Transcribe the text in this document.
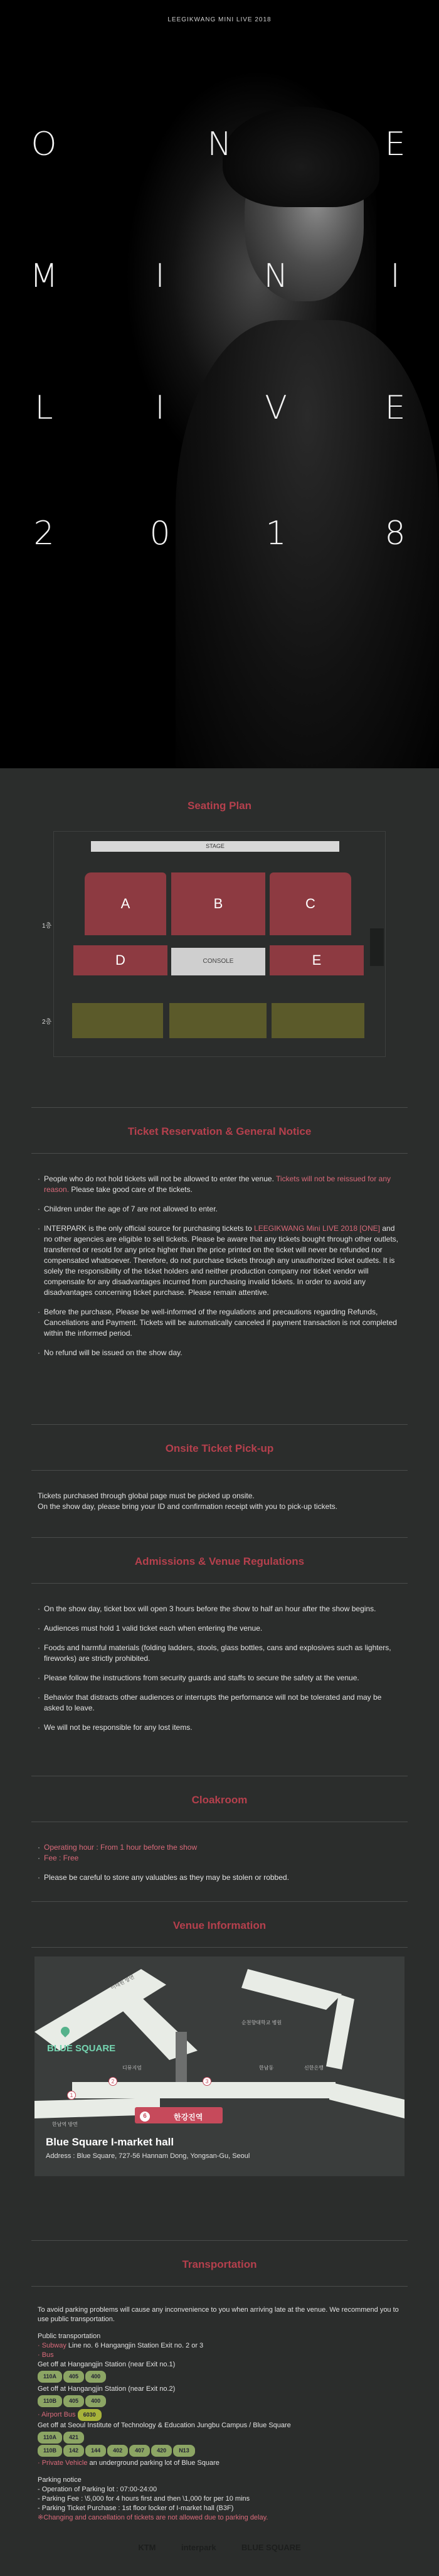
LEEGIKWANG MINI LIVE 2018
O	N	E
M	I	N	I
L	I	V	E
2	0	1	8
Seating Plan
STAGE
1층
2층
A	B	C
D	CONSOLE	E
Ticket Reservation & General Notice
· People who do not hold tickets will not be allowed to enter the venue. Tickets will not be reissued for any reason. Please take good care of the tickets.
· Children under the age of 7 are not allowed to enter.
· INTERPARK is the only official source for purchasing tickets to LEEGIKWANG Mini LIVE 2018 [ONE] and no other agencies are eligible to sell tickets. Please be aware that any tickets bought through other outlets, transferred or resold for any price higher than the price printed on the ticket will never be refunded nor compensated whatsoever. Therefore, do not purchase tickets through any unauthorized ticket outlets. It is solely the responsibility of the ticket holders and neither production company nor ticket vendor will compensate for any disadvantages incurred from purchasing invalid tickets. In order to avoid any disadvantages concerning ticket purchase. Please remain attentive.
· Before the purchase, Please be well-informed of the regulations and precautions regarding Refunds, Cancellations and Payment. Tickets will be automatically canceled if payment transaction is not completed within the informed period.
· No refund will be issued on the show day.
Onsite Ticket Pick-up
Tickets purchased through global page must be picked up onsite.
On the show day, please bring your ID and confirmation receipt with you to pick-up tickets.
Admissions & Venue Regulations
· On the show day, ticket box will open 3 hours before the show to half an hour after the show begins.
· Audiences must hold 1 valid ticket each when entering the venue.
· Foods and harmful materials (folding ladders, stools, glass bottles, cans and explosives such as lighters, fireworks) are strictly prohibited.
· Please follow the instructions from security guards and staffs to secure the safety at the venue.
· Behavior that distracts other audiences or interrupts the performance will not be tolerated and may be asked to leave.
· We will not be responsible for any lost items.
Cloakroom
· Operating hour : From 1 hour before the show
· Fee : Free
· Please be careful to store any valuables as they may be stolen or robbed.
Venue Information
BLUE SQUARE
한강진역
6
1
2	3
이태원 방면
순천향대학교 병원
디뮤지엄	한남동	신한은행
한남역 방면
Blue Square I-market hall
Address : Blue Square, 727-56 Hannam Dong, Yongsan-Gu, Seoul
Transportation
To avoid parking problems will cause any inconvenience to you when arriving late at the venue. We recommend you to use public transportation.
Public transportation
· Subway Line no. 6 Hangangjin Station Exit no. 2 or 3
· Bus
Get off at Hangangjin Station (near Exit no.1)
110A 405 400
Get off at Hangangjin Station (near Exit no.2)
110B 405 400
· Airport Bus 6030
Get off at Seoul Institute of Technology & Education Jungbu Campus / Blue Square
110A 421
110B 142 144 402 407 420 N13
· Private Vehicle an underground parking lot of Blue Square
Parking notice
- Operation of Parking lot : 07:00-24:00
- Parking Fee : \5,000 for 4 hours first and then \1,000 for per 10 mins
- Parking Ticket Purchase : 1st floor locker of I-market hall (B3F)
※Changing and cancellation of tickets are not allowed due to parking delay.
KTM	interpark	BLUE SQUARE
